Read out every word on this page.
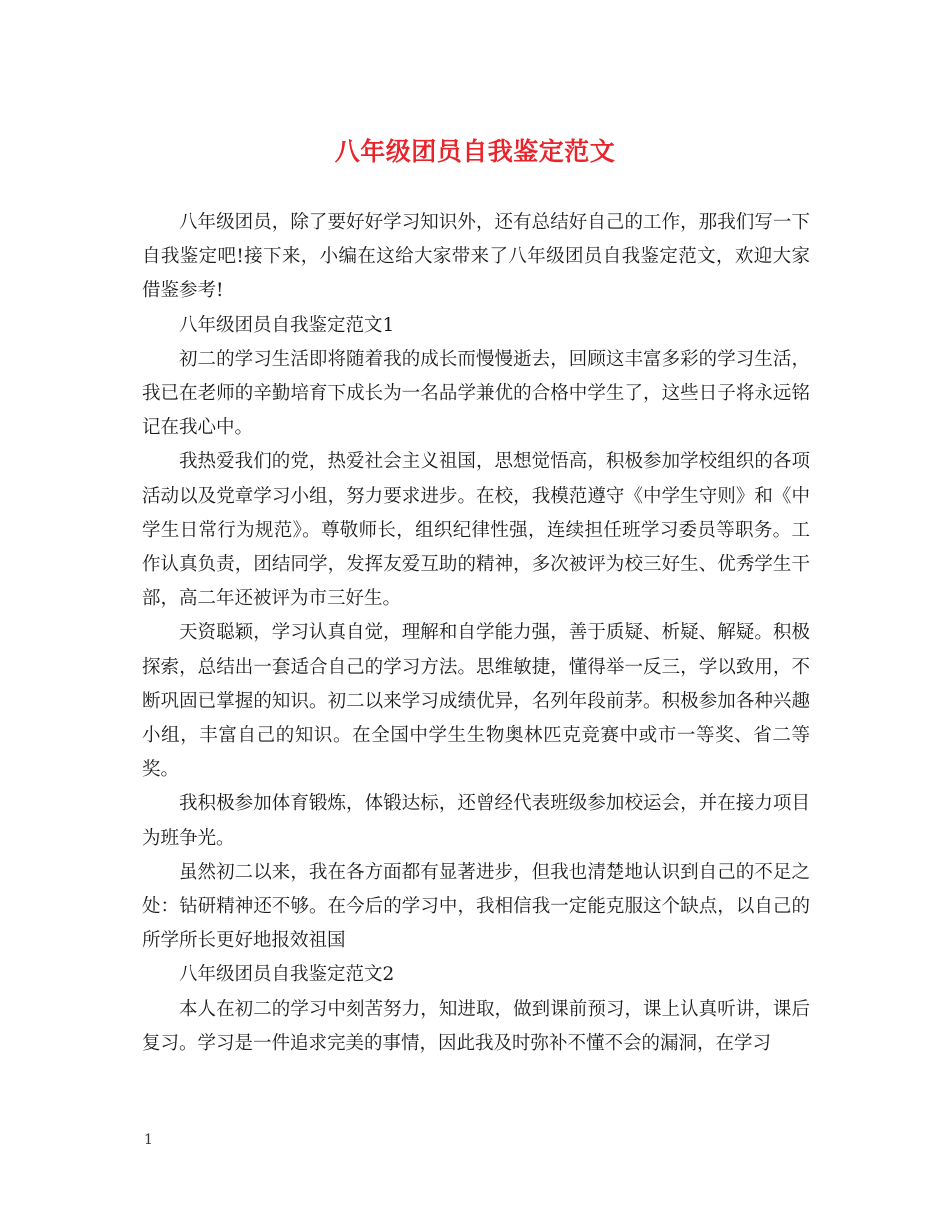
八年级团员自我鉴定范文

八年级团员，除了要好好学习知识外，还有总结好自己的工作，那我们写一下自我鉴定吧!接下来，小编在这给大家带来了八年级团员自我鉴定范文，欢迎大家借鉴参考!

八年级团员自我鉴定范文1

初二的学习生活即将随着我的成长而慢慢逝去，回顾这丰富多彩的学习生活，我已在老师的辛勤培育下成长为一名品学兼优的合格中学生了，这些日子将永远铭记在我心中。

我热爱我们的党，热爱社会主义祖国，思想觉悟高，积极参加学校组织的各项活动以及党章学习小组，努力要求进步。在校，我模范遵守《中学生守则》和《中学生日常行为规范》。尊敬师长，组织纪律性强，连续担任班学习委员等职务。工作认真负责，团结同学，发挥友爱互助的精神，多次被评为校三好生、优秀学生干部，高二年还被评为市三好生。

天资聪颖，学习认真自觉，理解和自学能力强，善于质疑、析疑、解疑。积极探索，总结出一套适合自己的学习方法。思维敏捷，懂得举一反三，学以致用，不断巩固已掌握的知识。初二以来学习成绩优异，名列年段前茅。积极参加各种兴趣小组，丰富自己的知识。在全国中学生生物奥林匹克竞赛中或市一等奖、省二等奖。

我积极参加体育锻炼，体锻达标，还曾经代表班级参加校运会，并在接力项目为班争光。

虽然初二以来，我在各方面都有显著进步，但我也清楚地认识到自己的不足之处：钻研精神还不够。在今后的学习中，我相信我一定能克服这个缺点，以自己的所学所长更好地报效祖国

八年级团员自我鉴定范文2

本人在初二的学习中刻苦努力，知进取，做到课前预习，课上认真听讲，课后复习。学习是一件追求完美的事情，因此我及时弥补不懂不会的漏洞，在学习

1
